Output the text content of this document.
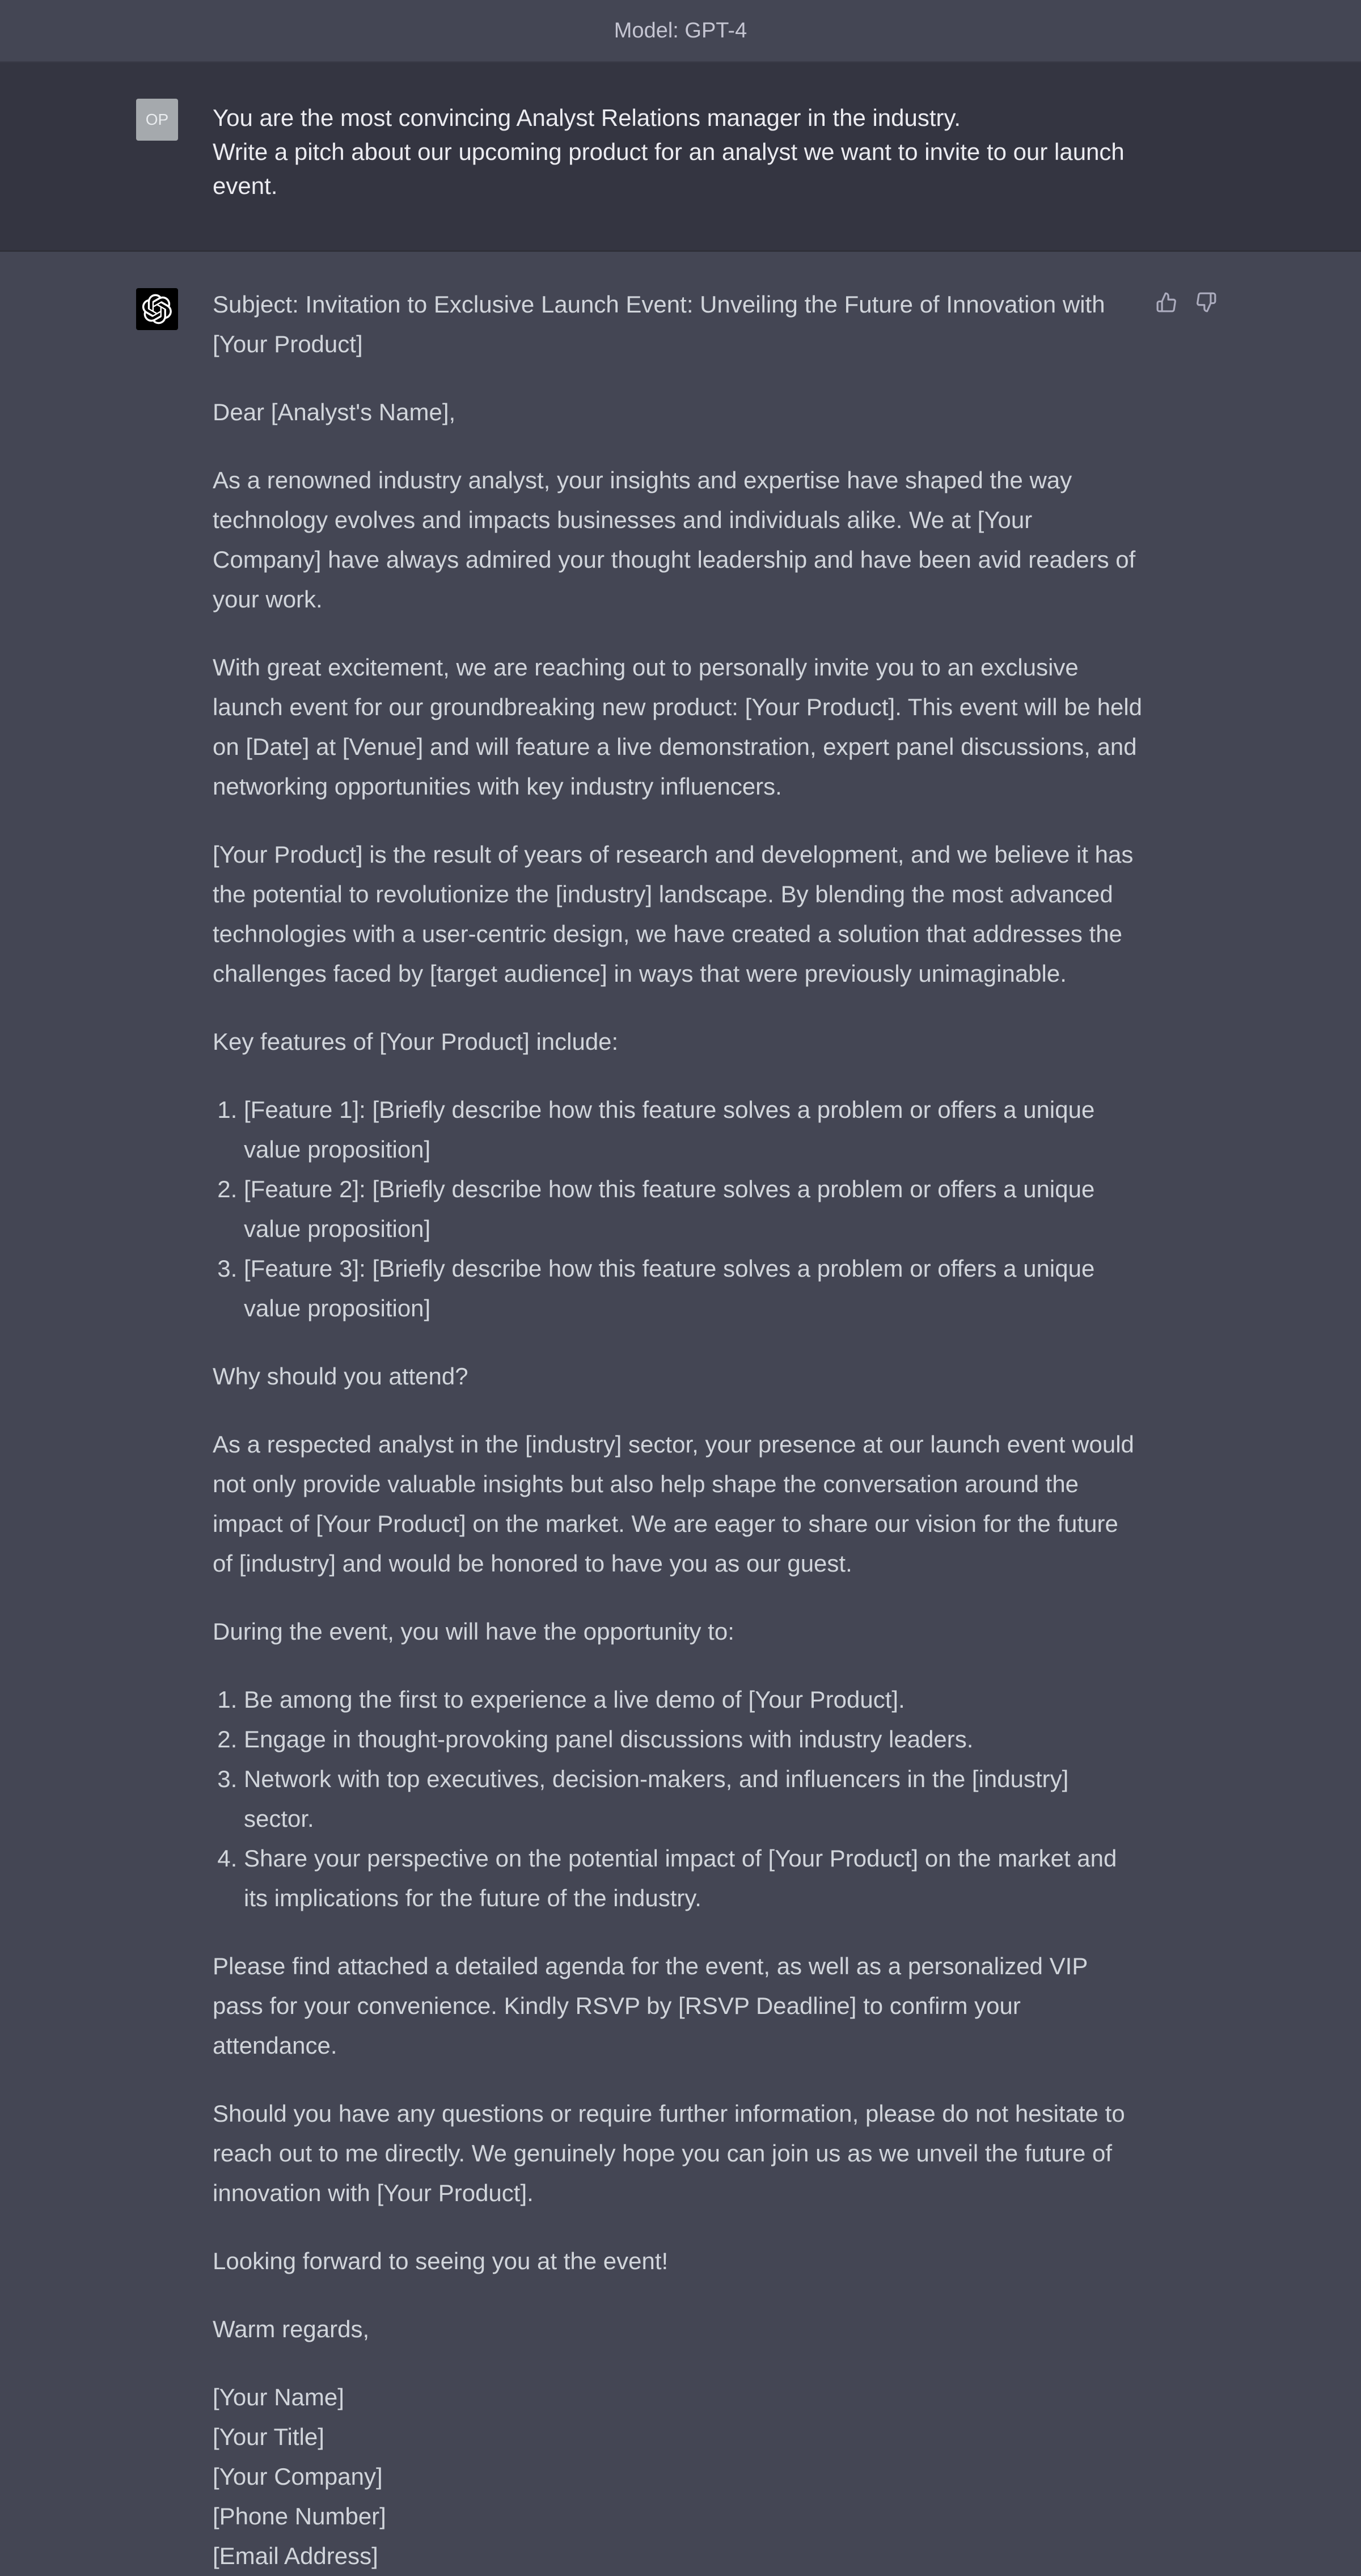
Model: GPT-4
OP You are the most convincing Analyst Relations manager in the industry.
Write a pitch about our upcoming product for an analyst we want to invite to our launch event.

Subject: Invitation to Exclusive Launch Event: Unveiling the Future of Innovation with [Your Product]

Dear [Analyst's Name],

As a renowned industry analyst, your insights and expertise have shaped the way technology evolves and impacts businesses and individuals alike. We at [Your Company] have always admired your thought leadership and have been avid readers of your work.

With great excitement, we are reaching out to personally invite you to an exclusive launch event for our groundbreaking new product: [Your Product]. This event will be held on [Date] at [Venue] and will feature a live demonstration, expert panel discussions, and networking opportunities with key industry influencers.

[Your Product] is the result of years of research and development, and we believe it has the potential to revolutionize the [industry] landscape. By blending the most advanced technologies with a user-centric design, we have created a solution that addresses the challenges faced by [target audience] in ways that were previously unimaginable.

Key features of [Your Product] include:

1. [Feature 1]: [Briefly describe how this feature solves a problem or offers a unique value proposition]
2. [Feature 2]: [Briefly describe how this feature solves a problem or offers a unique value proposition]
3. [Feature 3]: [Briefly describe how this feature solves a problem or offers a unique value proposition]

Why should you attend?

As a respected analyst in the [industry] sector, your presence at our launch event would not only provide valuable insights but also help shape the conversation around the impact of [Your Product] on the market. We are eager to share our vision for the future of [industry] and would be honored to have you as our guest.

During the event, you will have the opportunity to:

1. Be among the first to experience a live demo of [Your Product].
2. Engage in thought-provoking panel discussions with industry leaders.
3. Network with top executives, decision-makers, and influencers in the [industry] sector.
4. Share your perspective on the potential impact of [Your Product] on the market and its implications for the future of the industry.

Please find attached a detailed agenda for the event, as well as a personalized VIP pass for your convenience. Kindly RSVP by [RSVP Deadline] to confirm your attendance.

Should you have any questions or require further information, please do not hesitate to reach out to me directly. We genuinely hope you can join us as we unveil the future of innovation with [Your Product].

Looking forward to seeing you at the event!

Warm regards,

[Your Name]
[Your Title]
[Your Company]
[Phone Number]
[Email Address]
